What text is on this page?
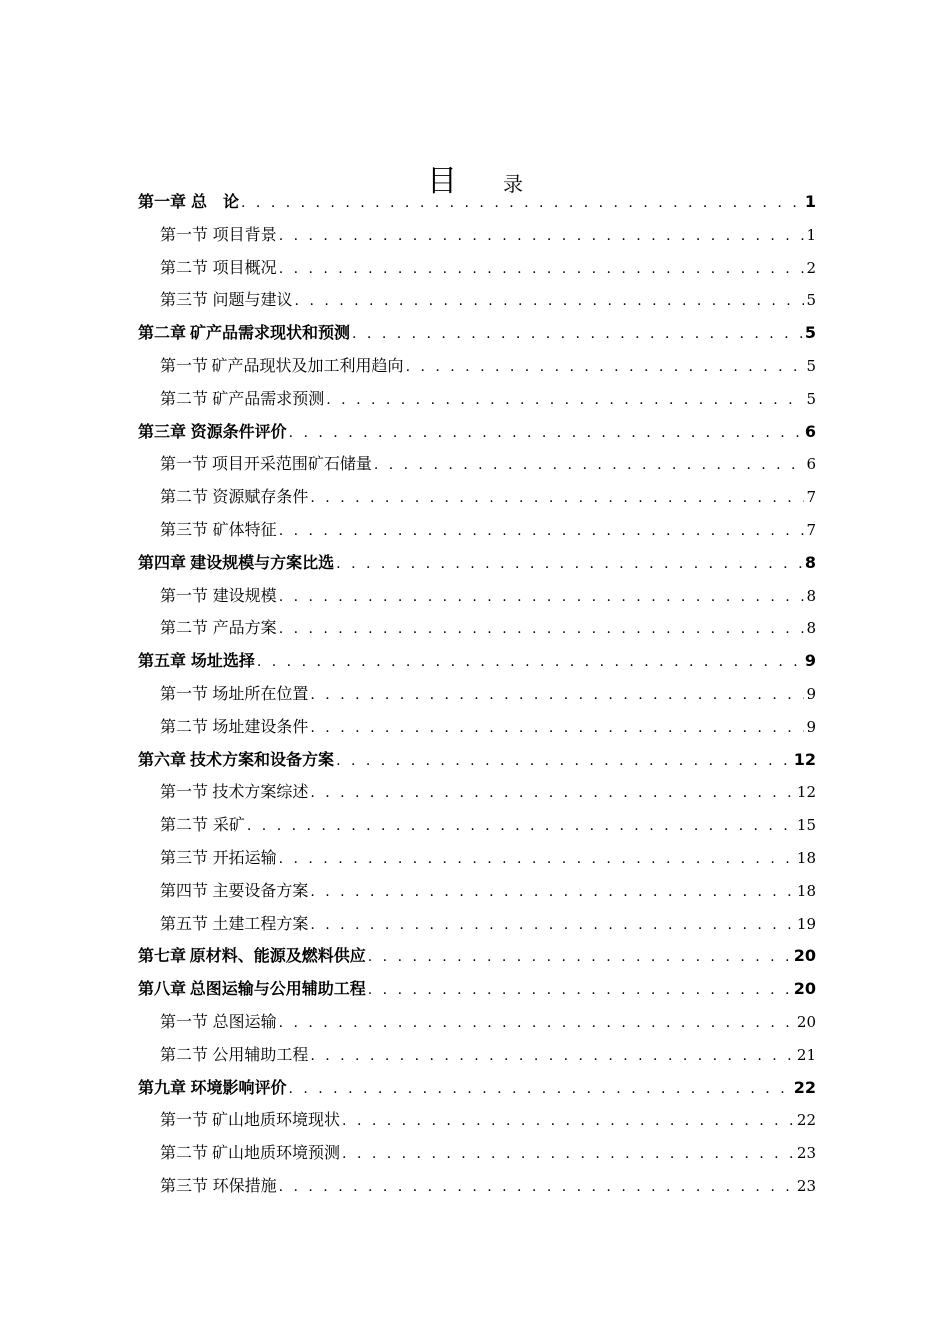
目 录
第一章 总　论 . . .	1
第一节 项目背景 . . .	1
第二节 项目概况 . . .	2
第三节 问题与建议 . . .	5
第二章 矿产品需求现状和预测 . . .	5
第一节 矿产品现状及加工利用趋向 . . .	5
第二节 矿产品需求预测 . . .	5
第三章 资源条件评价 . . .	6
第一节 项目开采范围矿石储量 . . .	6
第二节 资源赋存条件 . . .	7
第三节 矿体特征 . . .	7
第四章 建设规模与方案比选 . . .	8
第一节 建设规模 . . .	8
第二节 产品方案 . . .	8
第五章 场址选择 . . .	9
第一节 场址所在位置 . . .	9
第二节 场址建设条件 . . .	9
第六章 技术方案和设备方案 . . .	12
第一节 技术方案综述 . . .	12
第二节 采矿 . . .	15
第三节 开拓运输 . . .	18
第四节 主要设备方案 . . .	18
第五节 土建工程方案 . . .	19
第七章 原材料、能源及燃料供应 . . .	20
第八章 总图运输与公用辅助工程 . . .	20
第一节 总图运输 . . .	20
第二节 公用辅助工程 . . .	21
第九章 环境影响评价 . . .	22
第一节 矿山地质环境现状 . . .	22
第二节 矿山地质环境预测 . . .	23
第三节 环保措施 . . .	23
